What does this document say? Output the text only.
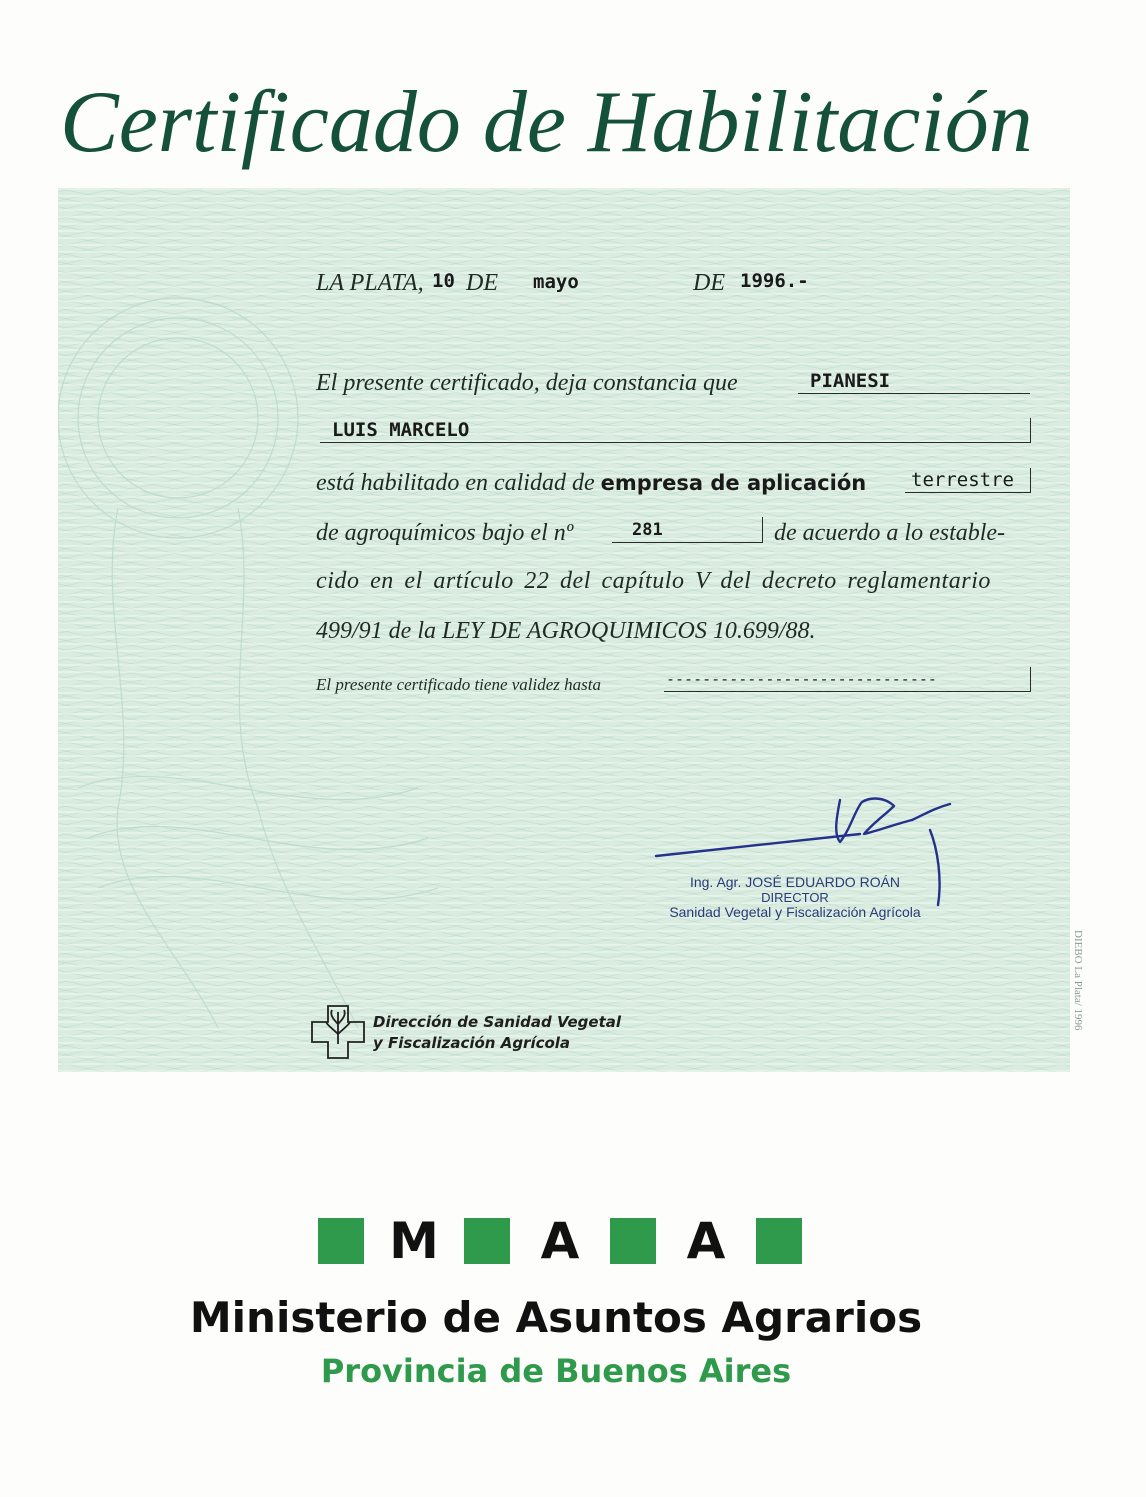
Certificado de Habilitación
LA PLATA, 10 DE mayo	DE 1996.-
El presente certificado, deja constancia que	PIANESI
LUIS MARCELO
está habilitado en calidad de empresa de aplicación	terrestre
de agroquímicos bajo el nº	281	de acuerdo a lo estable-
cido en el artículo 22 del capítulo V del decreto reglamentario
499/91 de la LEY DE AGROQUIMICOS 10.699/88.
El presente certificado tiene validez hasta	------------------------------
Ing. Agr. JOSÉ EDUARDO ROÁN
DIRECTOR
Sanidad Vegetal y Fiscalización Agrícola
Dirección de Sanidad Vegetal
y Fiscalización Agrícola
DIEBO La Plata/ 1996
M	A	A
Ministerio de Asuntos Agrarios
Provincia de Buenos Aires
